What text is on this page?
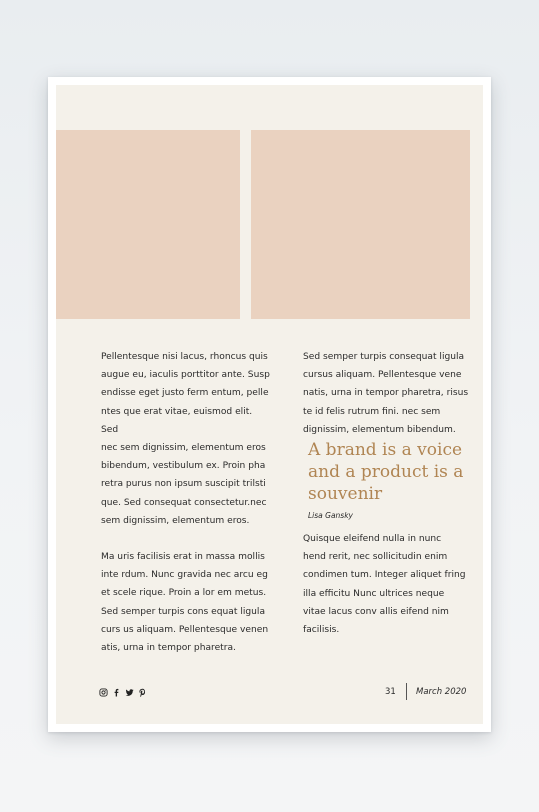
Pellentesque nisi lacus, rhoncus quis
augue eu, iaculis porttitor ante. Susp
endisse eget justo ferm entum, pelle
ntes que erat vitae, euismod elit. Sed
nec sem dignissim, elementum eros
bibendum, vestibulum ex. Proin pha
retra purus non ipsum suscipit trilsti
que. Sed consequat consectetur.nec
sem dignissim, elementum eros.

Ma uris facilisis erat in massa mollis
inte rdum. Nunc gravida nec arcu eg
et scele rique. Proin a lor em metus.
Sed semper turpis cons equat ligula
curs us aliquam. Pellentesque venen
atis, urna in tempor pharetra.

Sed semper turpis consequat ligula
cursus aliquam. Pellentesque vene
natis, urna in tempor pharetra, risus
te id felis rutrum fini. nec sem
dignissim, elementum bibendum.

A brand is a voice
and a product is a
souvenir
Lisa Gansky

Quisque eleifend nulla in nunc
hend rerit, nec sollicitudin enim
condimen tum. Integer aliquet fring
illa efficitu Nunc ultrices neque
vitae lacus conv allis eifend nim
facilisis.

31 March 2020
